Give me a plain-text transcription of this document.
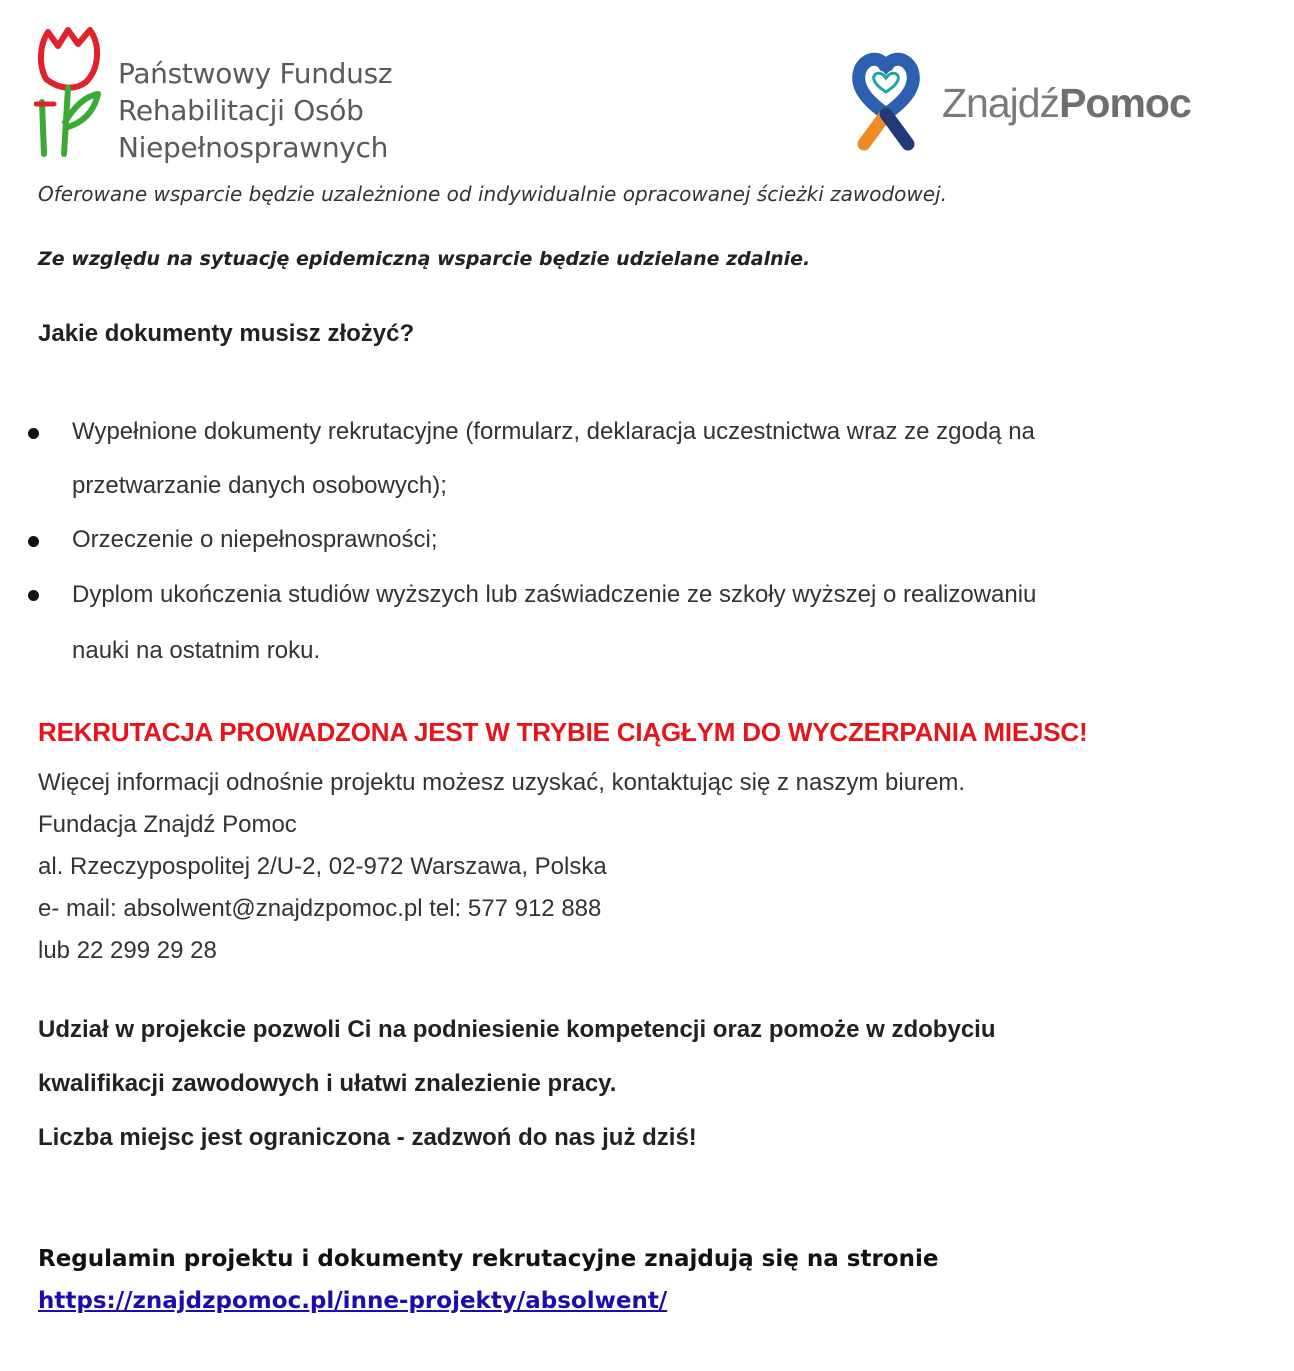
Państwowy Fundusz
Rehabilitacji Osób
Niepełnosprawnych
ZnajdźPomoc
Oferowane wsparcie będzie uzależnione od indywidualnie opracowanej ścieżki zawodowej.
Ze względu na sytuację epidemiczną wsparcie będzie udzielane zdalnie.
Jakie dokumenty musisz złożyć?
Wypełnione dokumenty rekrutacyjne (formularz, deklaracja uczestnictwa wraz ze zgodą na
przetwarzanie danych osobowych);
Orzeczenie o niepełnosprawności;
Dyplom ukończenia studiów wyższych lub zaświadczenie ze szkoły wyższej o realizowaniu
nauki na ostatnim roku.
REKRUTACJA PROWADZONA JEST W TRYBIE CIĄGŁYM DO WYCZERPANIA MIEJSC!
Więcej informacji odnośnie projektu możesz uzyskać, kontaktując się z naszym biurem.
Fundacja Znajdź Pomoc
al. Rzeczypospolitej 2/U-2, 02-972 Warszawa, Polska
e- mail: absolwent@znajdzpomoc.pl tel: 577 912 888
lub 22 299 29 28
Udział w projekcie pozwoli Ci na podniesienie kompetencji oraz pomoże w zdobyciu
kwalifikacji zawodowych i ułatwi znalezienie pracy.
Liczba miejsc jest ograniczona - zadzwoń do nas już dziś!
Regulamin projektu i dokumenty rekrutacyjne znajdują się na stronie
https://znajdzpomoc.pl/inne-projekty/absolwent/
